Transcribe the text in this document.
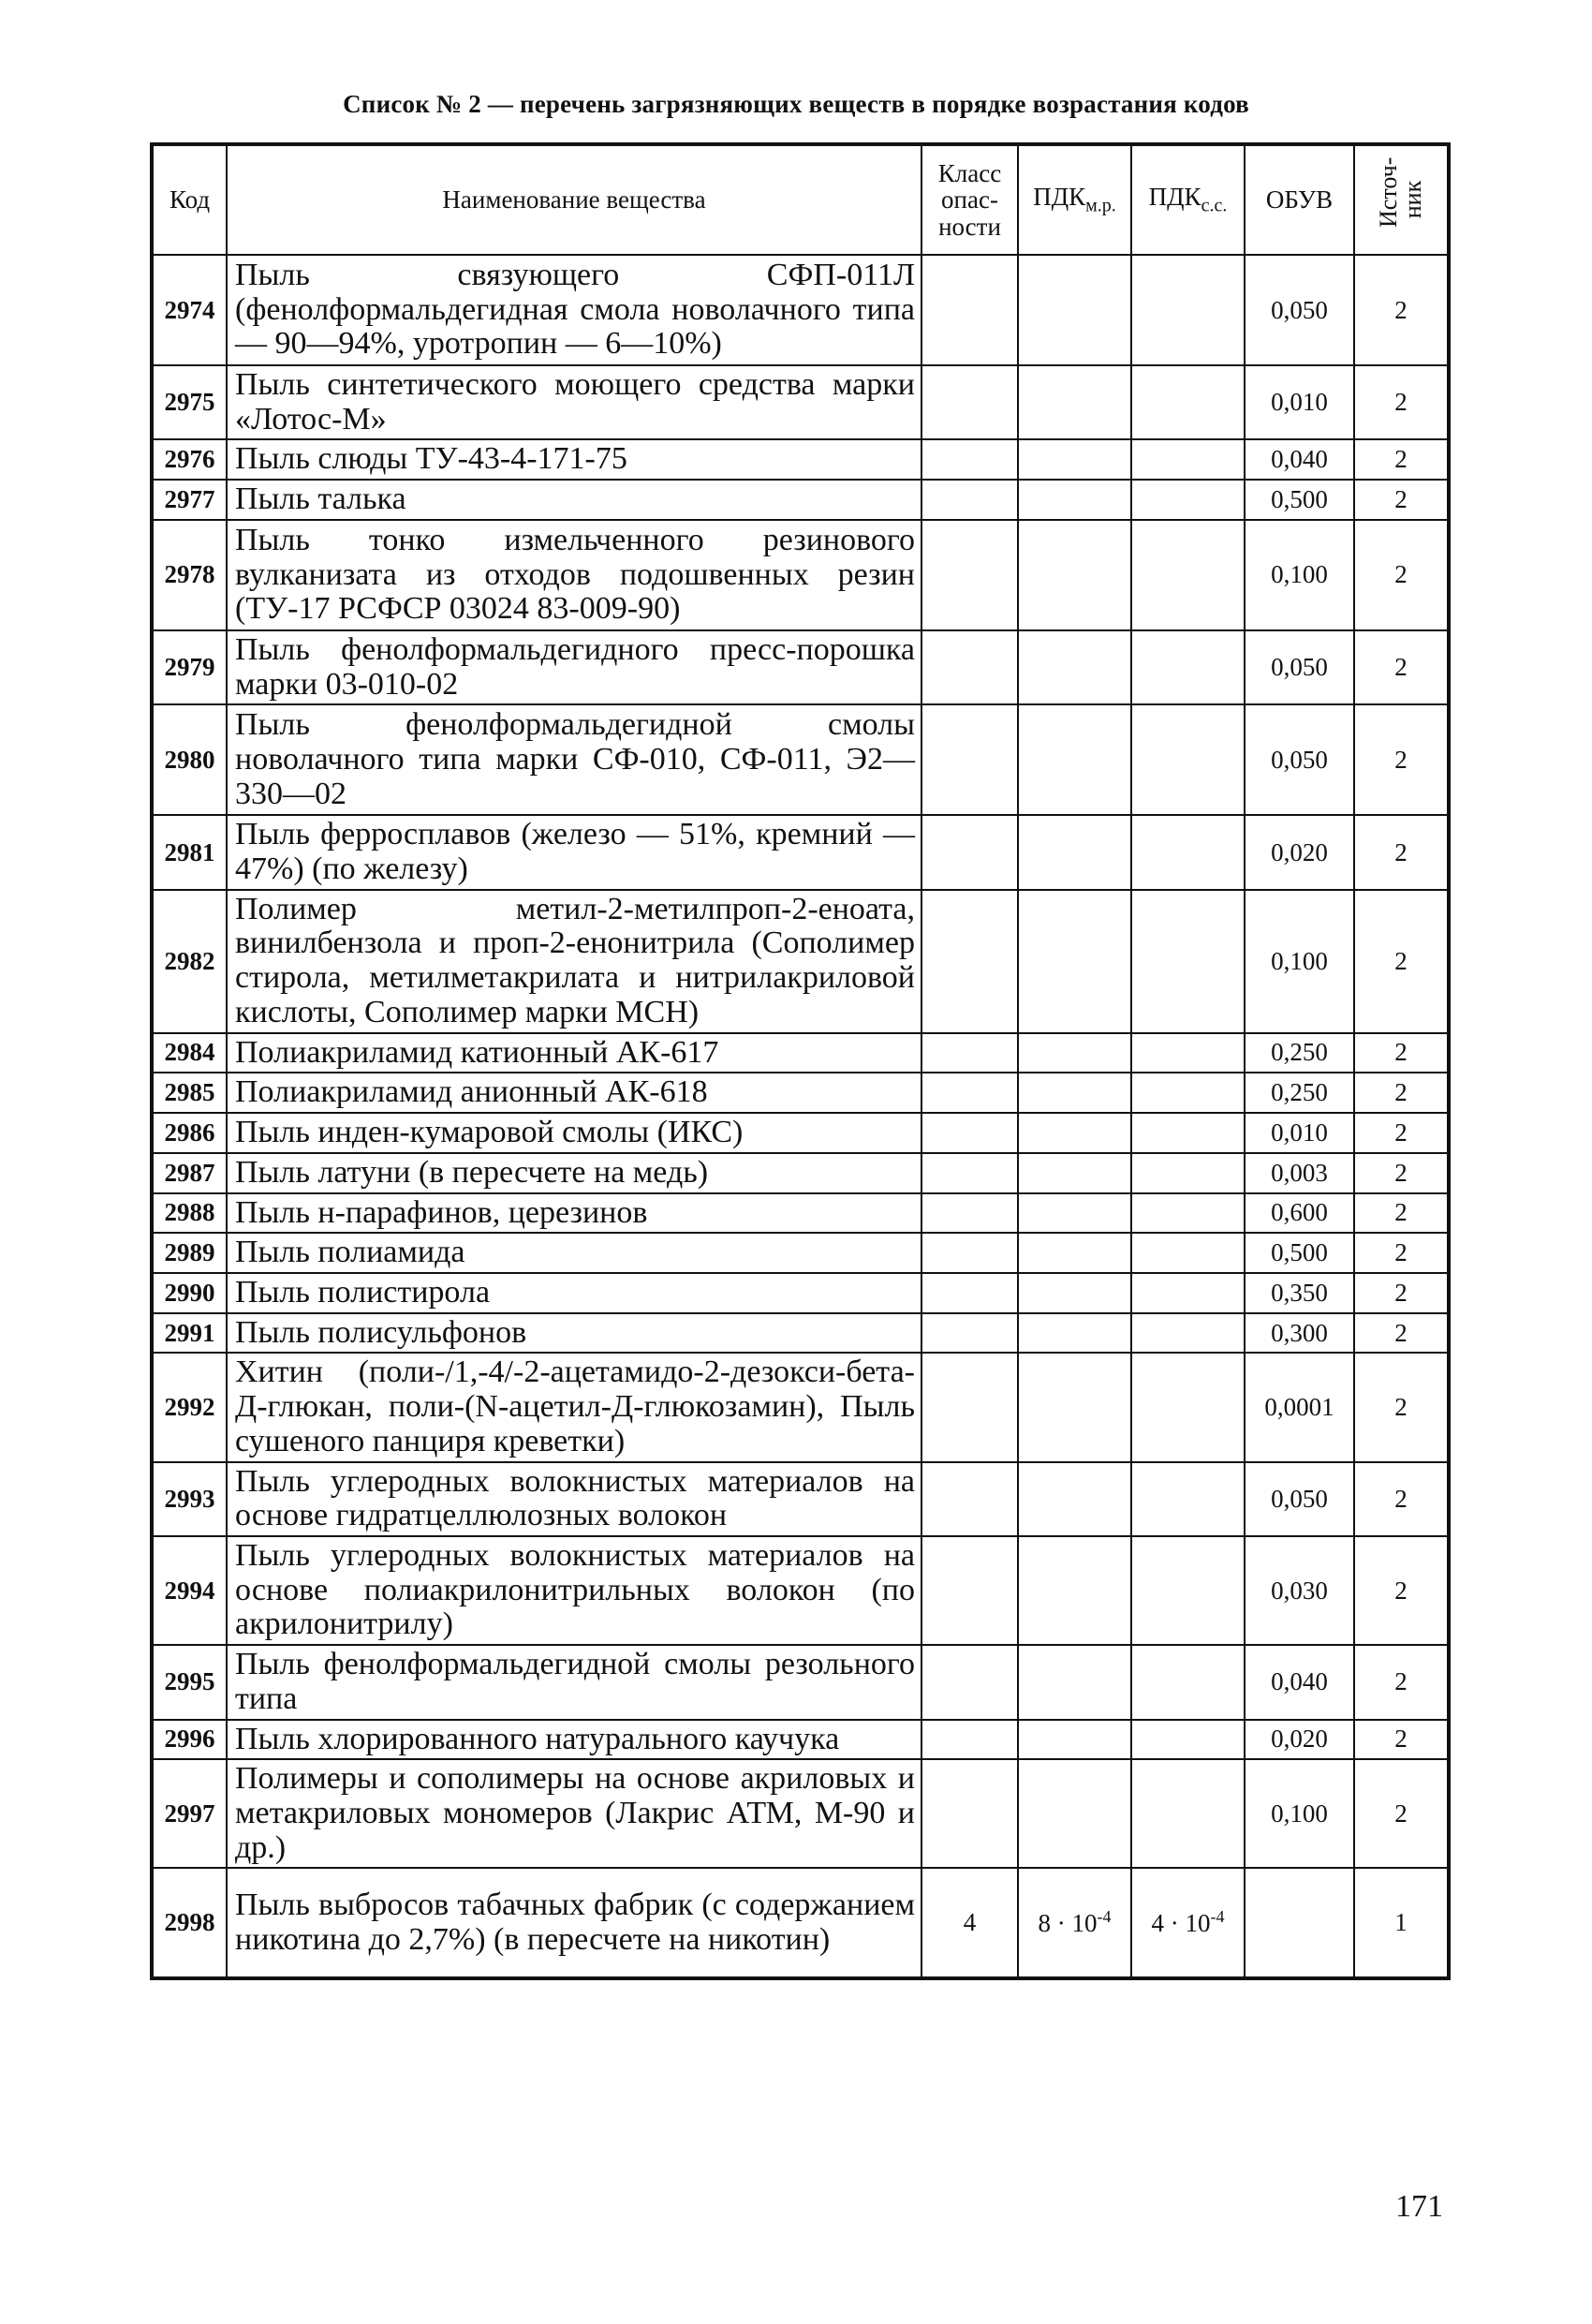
Список № 2 — перечень загрязняющих веществ в порядке возрастания кодов
Код	Наименование вещества	Класс опас- ности	$ПДК_{м.р.}$	$ПДК_{с.с.}$	ОБУВ	Источ- ник
2974	Пыль связующего СФП-011Л (фенолформальдегидная смола новолачного типа — 90—94%, уротропин — 6—10%)				0,050	2
2975	Пыль синтетического моющего средства марки «Лотос-М»				0,010	2
2976	Пыль слюды ТУ-43-4-171-75				0,040	2
2977	Пыль талька				0,500	2
2978	Пыль тонко измельченного резинового вулканизата из отходов подошвенных резин (ТУ-17 РСФСР 03024 83-009-90)				0,100	2
2979	Пыль фенолформальдегидного пресс-порошка марки 03-010-02				0,050	2
2980	Пыль фенолформальдегидной смолы новолачного типа марки СФ-010, СФ-011, Э2—330—02				0,050	2
2981	Пыль ферросплавов (железо — 51%, кремний — 47%) (по железу)				0,020	2
2982	Полимер метил-2-метилпроп-2-еноата, винилбензола и проп-2-енонитрила (Сополимер стирола, метилметакрилата и нитрилакриловой кислоты, Сополимер марки МСН)				0,100	2
2984	Полиакриламид катионный АК-617				0,250	2
2985	Полиакриламид анионный АК-618				0,250	2
2986	Пыль инден-кумаровой смолы (ИКС)				0,010	2
2987	Пыль латуни (в пересчете на медь)				0,003	2
2988	Пыль н-парафинов, церезинов				0,600	2
2989	Пыль полиамида				0,500	2
2990	Пыль полистирола				0,350	2
2991	Пыль полисульфонов				0,300	2
2992	Хитин (поли-/1,-4/-2-ацетамидо-2-дезокси-бета-Д-глюкан, поли-(N-ацетил-Д-глюкозамин), Пыль сушеного панциря креветки)				0,0001	2
2993	Пыль углеродных волокнистых материалов на основе гидратцеллюлозных волокон				0,050	2
2994	Пыль углеродных волокнистых материалов на основе полиакрилонитрильных волокон (по акрилонитрилу)				0,030	2
2995	Пыль фенолформальдегидной смолы резольного типа				0,040	2
2996	Пыль хлорированного натурального каучука				0,020	2
2997	Полимеры и сополимеры на основе акриловых и метакриловых мономеров (Лакрис АТМ, М-90 и др.)				0,100	2
2998	Пыль выбросов табачных фабрик (с содержанием никотина до 2,7%) (в пересчете на никотин)	4	$8 \cdot 10^{-4}$	$4 \cdot 10^{-4}$		1
171
